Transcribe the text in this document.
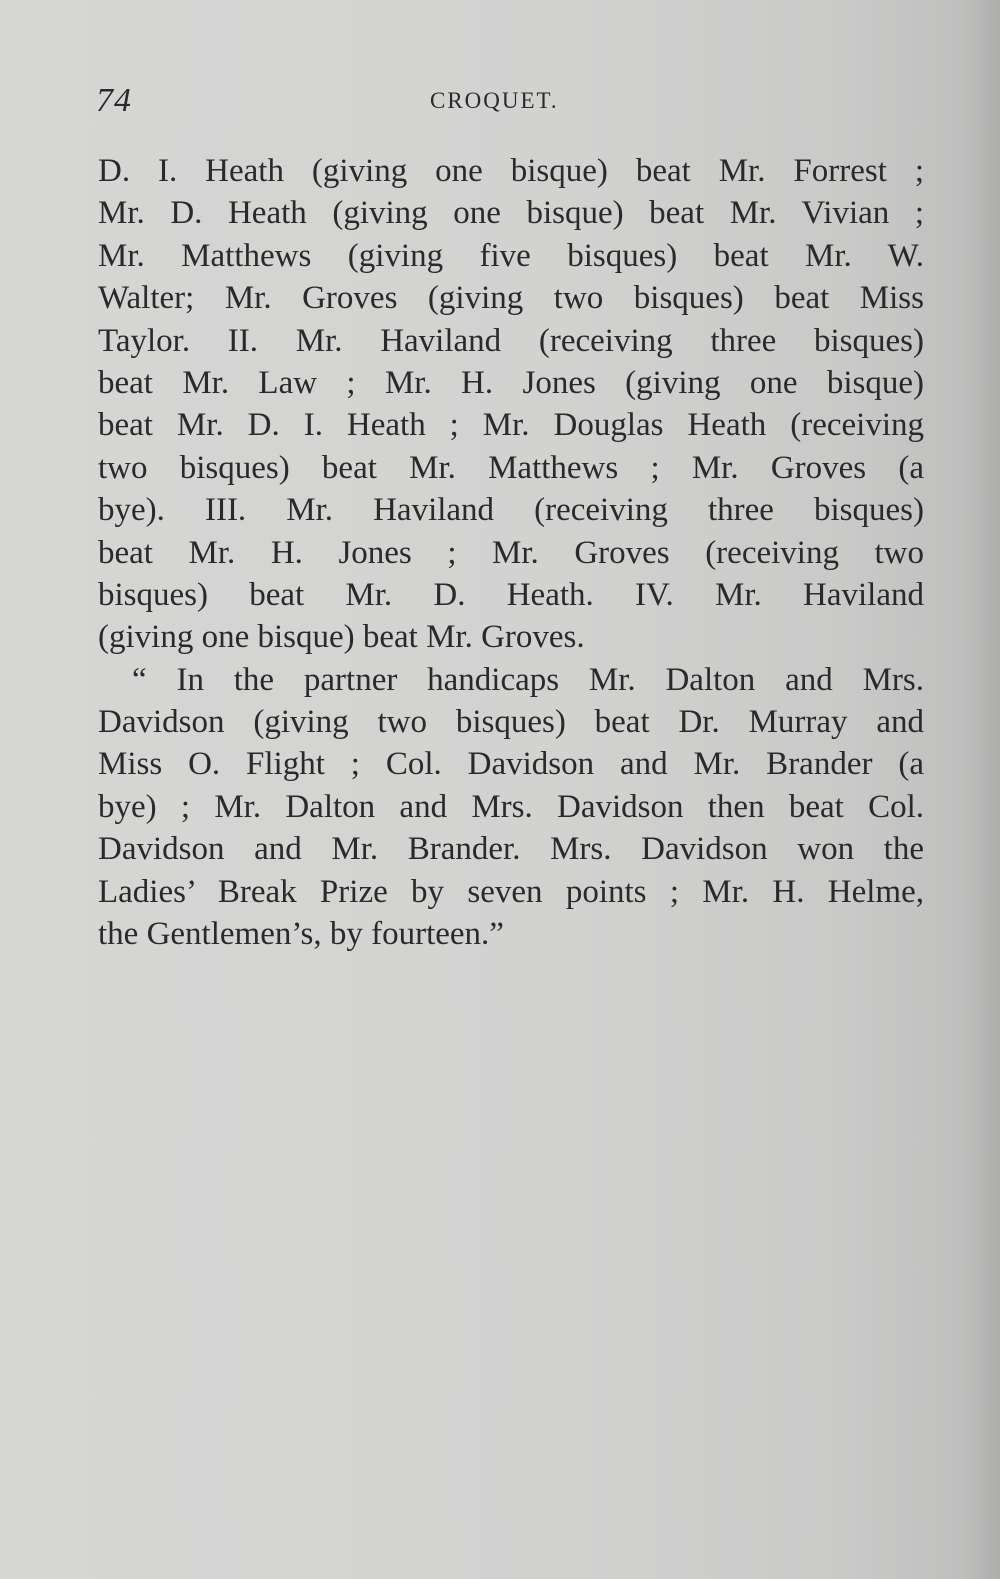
74	CROQUET.
D. I. Heath (giving one bisque) beat Mr. Forrest ;
Mr. D. Heath (giving one bisque) beat Mr. Vivian ;
Mr. Matthews (giving five bisques) beat Mr. W.
Walter; Mr. Groves (giving two bisques) beat Miss
Taylor. II. Mr. Haviland (receiving three bisques)
beat Mr. Law ; Mr. H. Jones (giving one bisque)
beat Mr. D. I. Heath ; Mr. Douglas Heath (receiving
two bisques) beat Mr. Matthews ; Mr. Groves (a
bye). III. Mr. Haviland (receiving three bisques)
beat Mr. H. Jones ; Mr. Groves (receiving two
bisques) beat Mr. D. Heath. IV. Mr. Haviland
(giving one bisque) beat Mr. Groves.
“ In the partner handicaps Mr. Dalton and Mrs.
Davidson (giving two bisques) beat Dr. Murray and
Miss O. Flight ; Col. Davidson and Mr. Brander (a
bye) ; Mr. Dalton and Mrs. Davidson then beat Col.
Davidson and Mr. Brander. Mrs. Davidson won the
Ladies’ Break Prize by seven points ; Mr. H. Helme,
the Gentlemen’s, by fourteen.”
